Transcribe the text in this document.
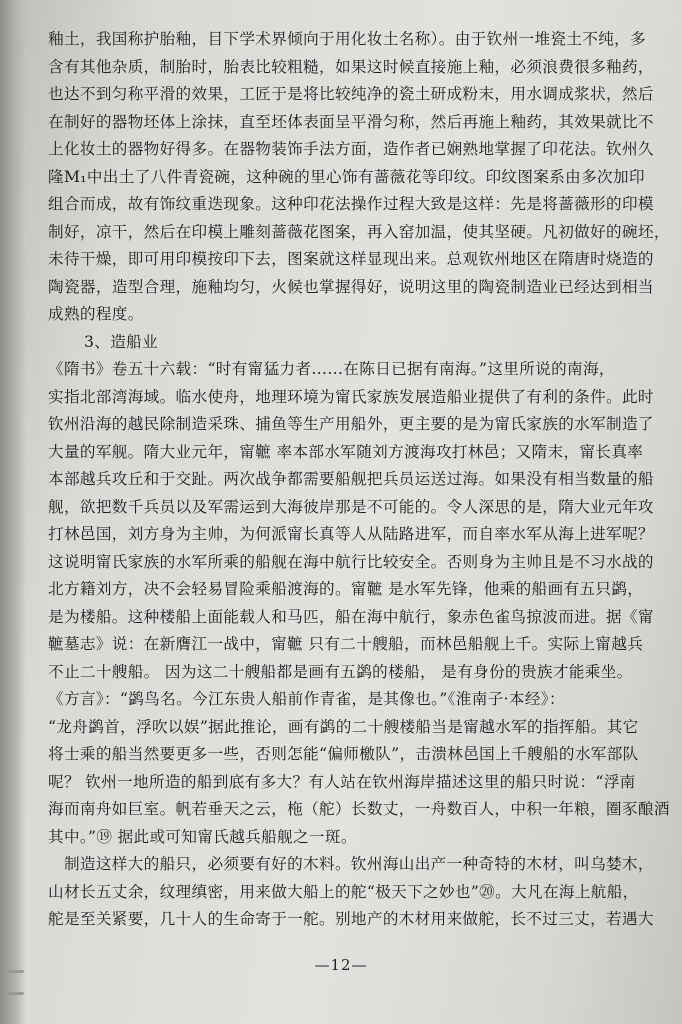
釉土，我国称护胎釉，目下学术界倾向于用化妆土名称）。由于钦州一堆瓷土不纯，多
含有其他杂质，制胎时，胎表比较粗糙，如果这时候直接施上釉，必须浪费很多釉药，
也达不到匀称平滑的效果，工匠于是将比较纯净的瓷土研成粉末，用水调成浆状，然后
在制好的器物坯体上涂抹，直至坯体表面呈平滑匀称，然后再施上釉药，其效果就比不
上化妆土的器物好得多。在器物装饰手法方面，造作者已娴熟地掌握了印花法。钦州久
隆M₁中出土了八件青瓷碗，这种碗的里心饰有蔷薇花等印纹。印纹图案系由多次加印
组合而成，故有饰纹重迭现象。这种印花法操作过程大致是这样：先是将蔷薇形的印模
制好，凉干，然后在印模上雕刻蔷薇花图案，再入窑加温，使其坚硬。凡初做好的碗坯，
未待干燥，即可用印模按印下去，图案就这样显现出来。总观钦州地区在隋唐时烧造的
陶瓷器，造型合理，施釉均匀，火候也掌握得好，说明这里的陶瓷制造业已经达到相当
成熟的程度。
3、造船业
《隋书》卷五十六载：“时有甯猛力者……在陈日已据有南海。”这里所说的南海，
实指北部湾海域。临水使舟，地理环境为甯氏家族发展造船业提供了有利的条件。此时
钦州沿海的越民除制造采珠、捕鱼等生产用船外，更主要的是为甯氏家族的水军制造了
大量的军舰。隋大业元年，甯䩾 率本部水军随刘方渡海攻打林邑；又隋末，甯长真率
本部越兵攻丘和于交趾。两次战争都需要船舰把兵员运送过海。如果没有相当数量的船
舰，欲把数千兵员以及军需运到大海彼岸那是不可能的。令人深思的是，隋大业元年攻
打林邑国，刘方身为主帅，为何派甯长真等人从陆路进军，而自率水军从海上进军呢？
这说明甯氏家族的水军所乘的船舰在海中航行比较安全。否则身为主帅且是不习水战的
北方籍刘方，决不会轻易冒险乘船渡海的。甯䩾 是水军先锋，他乘的船画有五只鹢，
是为楼船。这种楼船上面能载人和马匹，船在海中航行，象赤色雀鸟掠波而进。据《甯
䩾墓志》说：在新膺江一战中，甯䩾 只有二十艘船，而林邑船舰上千。实际上甯越兵
不止二十艘船。 因为这二十艘船都是画有五鹢的楼船， 是有身份的贵族才能乘坐。
《方言》：“鹢鸟名。今江东贵人船前作青雀，是其像也。”《淮南子·本经》：
“龙舟鹢首，浮吹以娱”据此推论，画有鹢的二十艘楼船当是甯越水军的指挥船。其它
将士乘的船当然要更多一些，否则怎能“偏师檄队”，击溃林邑国上千艘船的水军部队
呢？ 钦州一地所造的船到底有多大？有人站在钦州海岸描述这里的船只时说：“浮南
海而南舟如巨室。帆若垂天之云，柂（舵）长数丈，一舟数百人，中积一年粮，圈豕酿酒
其中。”⑲ 据此或可知甯氏越兵船舰之一斑。
　制造这样大的船只，必须要有好的木料。钦州海山出产一种奇特的木材，叫乌婪木，
山材长五丈余，纹理缜密，用来做大船上的舵“极天下之妙也”⑳。大凡在海上航船，
舵是至关紧要，几十人的生命寄于一舵。别地产的木材用来做舵，长不过三丈，若遇大
—12—
